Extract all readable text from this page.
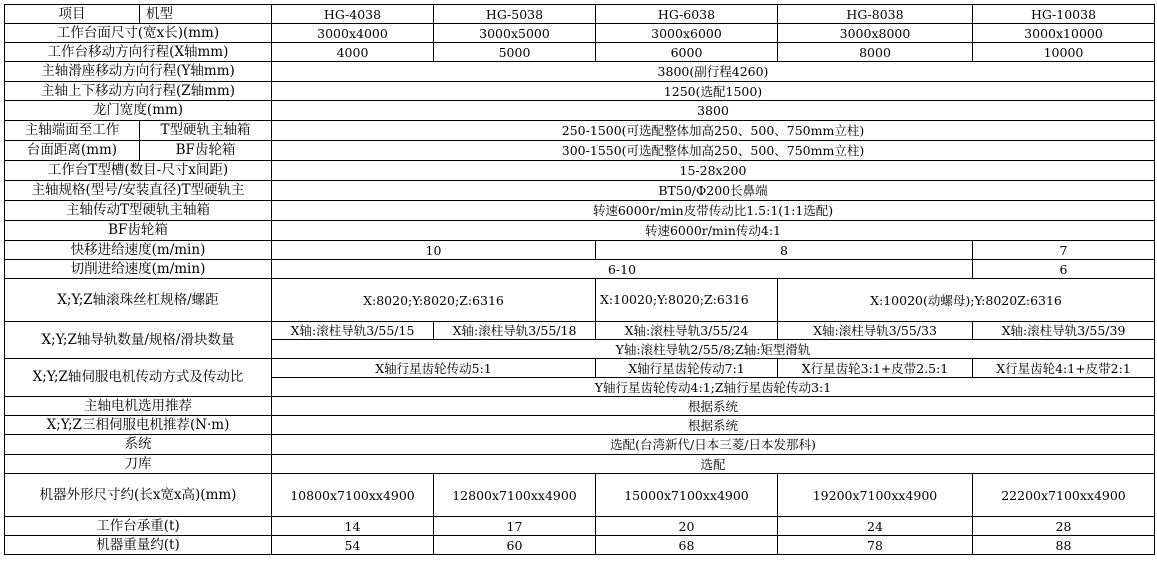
项目	机型	HG-4038	HG-5038	HG-6038	HG-8038	HG-10038
工作台面尺寸(宽x长)(mm)		3000x4000	3000x5000	3000x6000	3000x8000	3000x10000
工作台移动方向行程(X轴mm)		4000	5000	6000	8000	10000
主轴滑座移动方向行程(Y轴mm)		3800(副行程4260)				
主轴上下移动方向行程(Z轴mm)		1250(选配1500)				
龙门宽度(mm)		3800				
主轴端面至工作	T型硬轨主轴箱	250-1500(可选配整体加高250、500、750mm立柱)				
台面距离(mm)	BF齿轮箱	300-1550(可选配整体加高250、500、750mm立柱)				
工作台T型槽(数目-尺寸x间距)		15-28x200				
主轴规格(型号/安装直径)T型硬轨主		BT50/Φ200长鼻端				
主轴传动T型硬轨主轴箱		转速6000r/min皮带传动比1.5:1(1:1选配)				
BF齿轮箱		转速6000r/min传动4:1				
快移进给速度(m/min)		10		8		7
切削进给速度(m/min)		6-10				6
X;Y;Z轴滚珠丝杠规格/螺距		X:8020;Y:8020;Z:6316		X:10020;Y:8020;Z:6316	X:10020(动螺母);Y:8020Z:6316	
X;Y;Z轴导轨数量/规格/滑块数量		X轴:滚柱导轨3/55/15	X轴:滚柱导轨3/55/18	X轴:滚柱导轨3/55/24	X轴:滚柱导轨3/55/33	X轴:滚柱导轨3/55/39
		Y轴:滚柱导轨2/55/8;Z轴:矩型滑轨				
X;Y;Z轴伺服电机传动方式及传动比		X轴行星齿轮传动5:1		X轴行星齿轮传动7:1	X行星齿轮3:1+皮带2.5:1	X行星齿轮4:1+皮带2:1
		Y轴行星齿轮传动4:1;Z轴行星齿轮传动3:1				
主轴电机选用推荐		根据系统				
X;Y;Z三相伺服电机推荐(N·m)		根据系统				
系统		选配(台湾新代/日本三菱/日本发那科)				
刀库		选配				
机器外形尺寸约(长x宽x高)(mm)		10800x7100xx4900	12800x7100xx4900	15000x7100xx4900	19200x7100xx4900	22200x7100xx4900
工作台承重(t)		14	17	20	24	28
机器重量约(t)		54	60	68	78	88
